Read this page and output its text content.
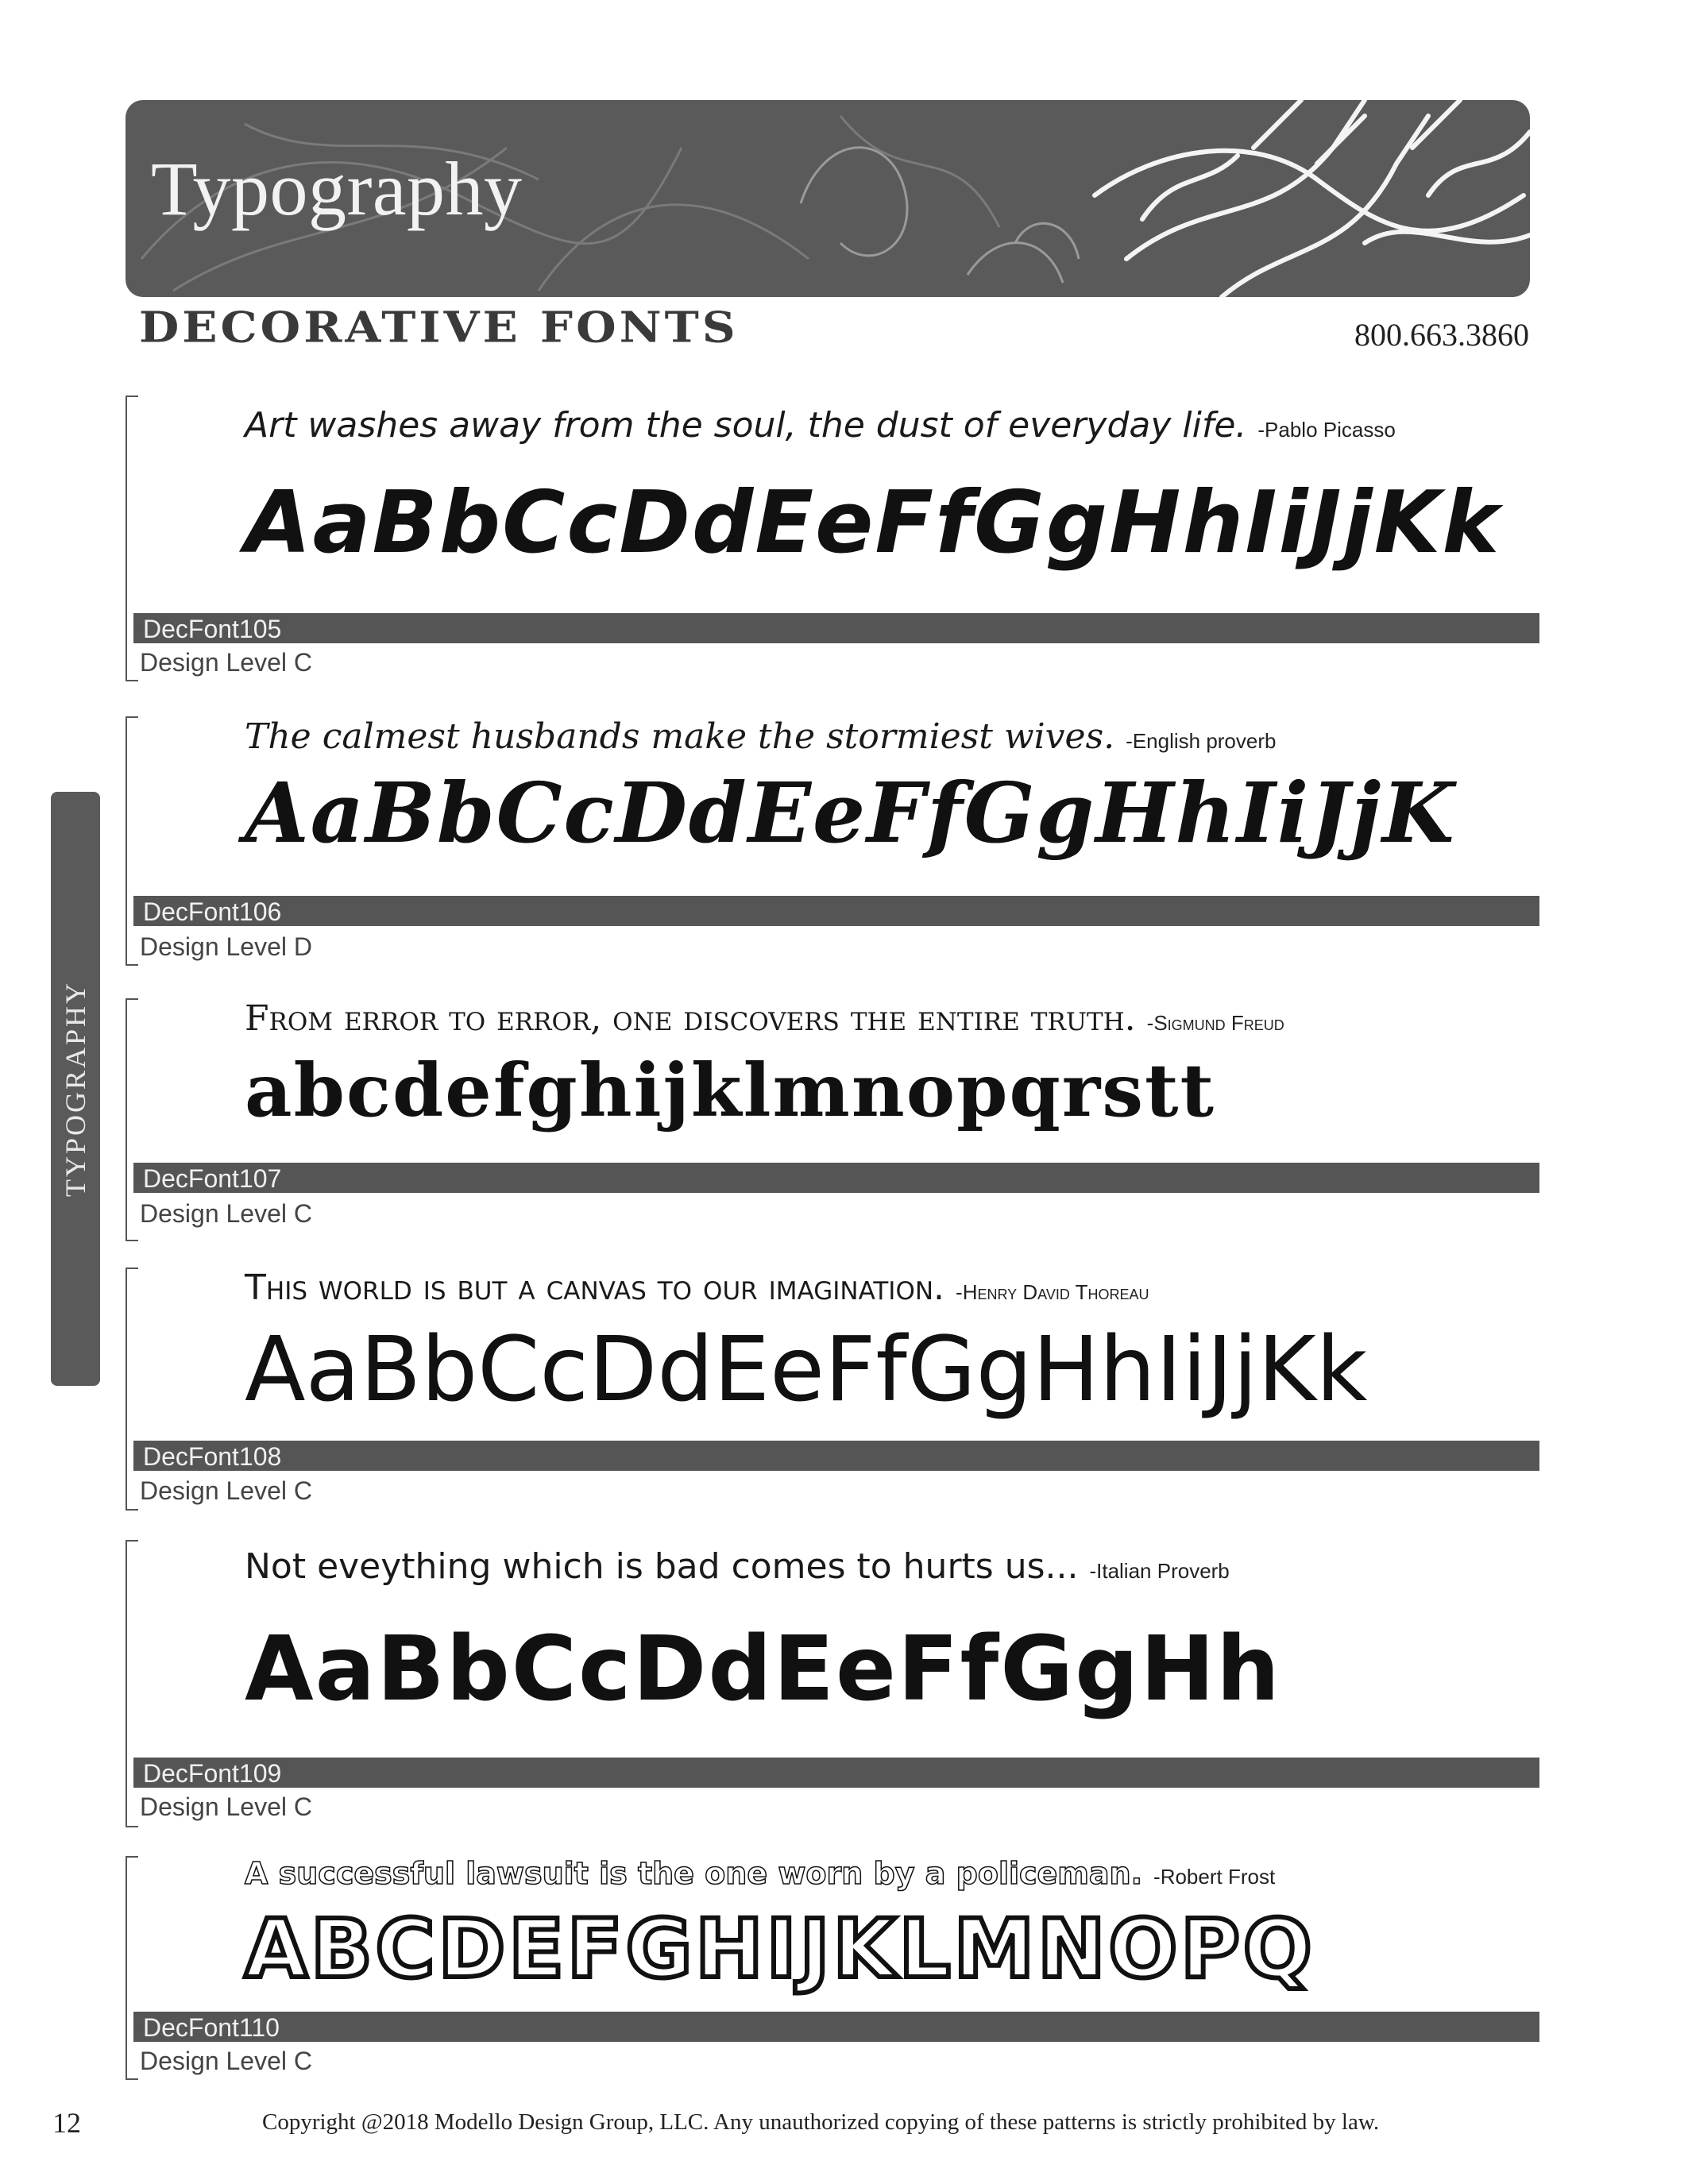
Typography
DECORATIVE FONTS	800.663.3860
TYPOGRAPHY
Art washes away from the soul, the dust of everyday life. -Pablo Picasso
AaBbCcDdEeFfGgHhIiJjKk
DecFont105
Design Level C
The calmest husbands make the stormiest wives. -English proverb
AaBbCcDdEeFfGgHhIiJjK
DecFont106
Design Level D
From error to error, one discovers the entire truth. -Sigmund Freud
abcdefghijklmnopqrstt
DecFont107
Design Level C
This world is but a canvas to our imagination. -Henry David Thoreau
AaBbCcDdEeFfGgHhIiJjKk
DecFont108
Design Level C
Not eveything which is bad comes to hurts us... -Italian Proverb
AaBbCcDdEeFfGgHh
DecFont109
Design Level C
A successful lawsuit is the one worn by a policeman. -Robert Frost
ABCDEFGHIJKLMNOPQ
DecFont110
Design Level C
12	Copyright @2018 Modello Design Group, LLC. Any unauthorized copying of these patterns is strictly prohibited by law.
